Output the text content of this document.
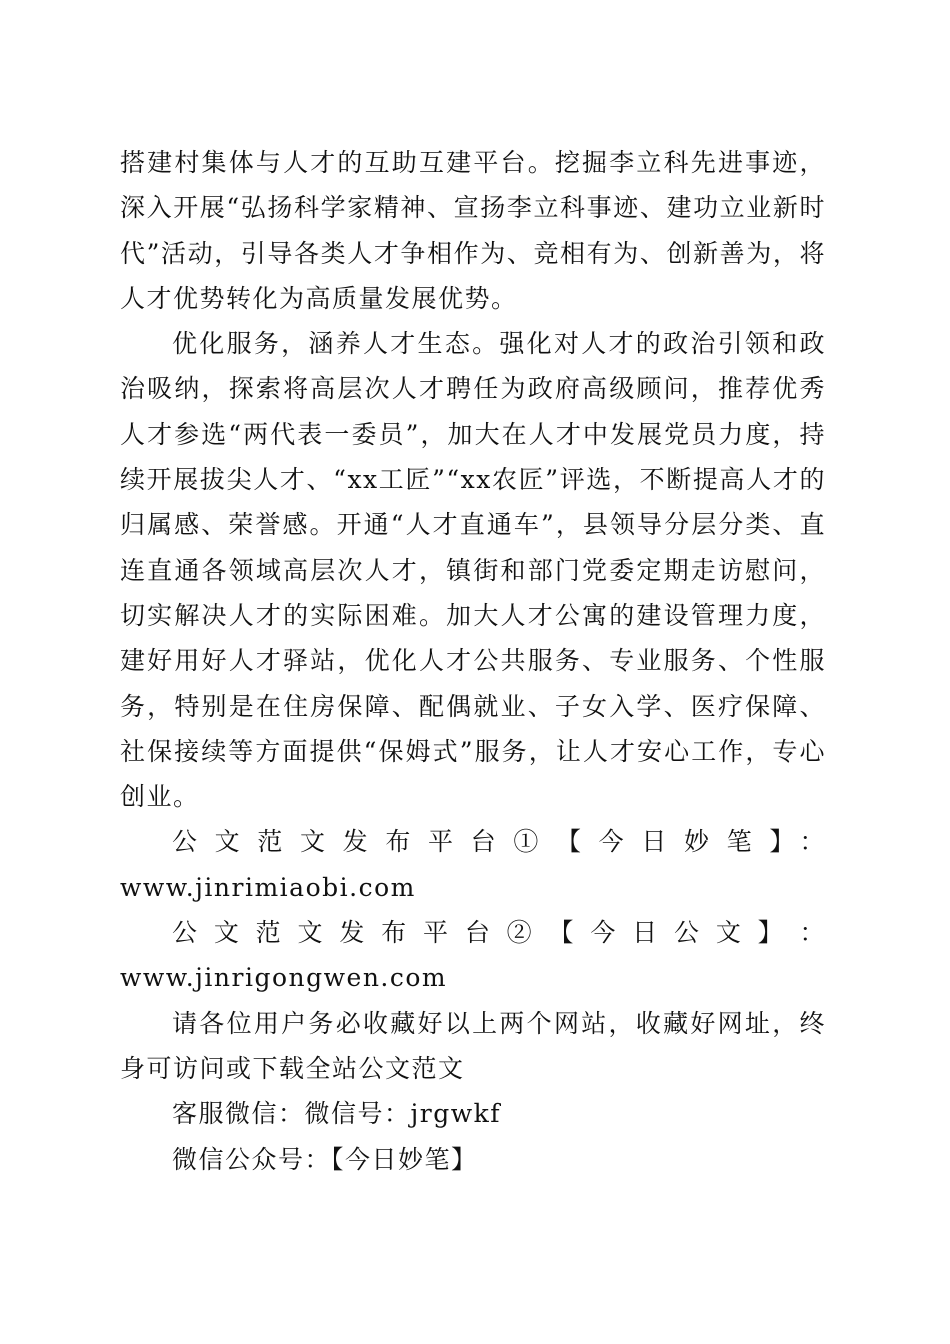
搭建村集体与人才的互助互建平台。挖掘李立科先进事迹，深入开展“弘扬科学家精神、宣扬李立科事迹、建功立业新时代”活动，引导各类人才争相作为、竞相有为、创新善为，将人才优势转化为高质量发展优势。

优化服务，涵养人才生态。强化对人才的政治引领和政治吸纳，探索将高层次人才聘任为政府高级顾问，推荐优秀人才参选“两代表一委员”，加大在人才中发展党员力度，持续开展拔尖人才、“xx工匠”“xx农匠”评选，不断提高人才的归属感、荣誉感。开通“人才直通车”，县领导分层分类、直连直通各领域高层次人才，镇街和部门党委定期走访慰问，切实解决人才的实际困难。加大人才公寓的建设管理力度，建好用好人才驿站，优化人才公共服务、专业服务、个性服务，特别是在住房保障、配偶就业、子女入学、医疗保障、社保接续等方面提供“保姆式”服务，让人才安心工作，专心创业。

公文范文发布平台①【今日妙笔】：www.jinrimiaobi.com

公 文 范 文 发 布 平 台 ② 【 今 日 公 文 】 ：

www.jinrigongwen.com

请各位用户务必收藏好以上两个网站，收藏好网址，终身可访问或下载全站公文范文

客服微信：微信号：jrgwkf

微信公众号：【今日妙笔】
